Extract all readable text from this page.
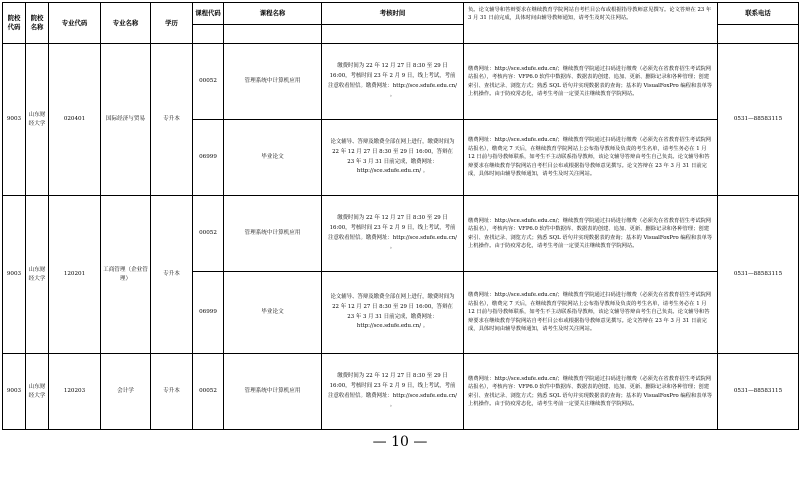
院校代码	院校名称	专业代码	专业名称	学历	课程代码	课程名称	考核时间	负。论文辅导和答辩要求在继续教育学院网站自考栏目公布或根据指导教师意见撰写。论文答辩在 23 年 3 月 31 日前完成，具体时间由辅导教师通知，请考生及时关注网站。	联系电话

9003	山东财经大学	020401	国际经济与贸易	专升本	00052	管理系统中计算机应用	缴费时间为 22 年 12 月 27 日 8:30 至 29 日 16:00，考核时间 23 年 2 月 9 日，线上考试，考前注意收看短信。缴费网址：http://sce.sdufe.edu.cn/ 。	缴费网址：http://sce.sdufe.edu.cn/；继续教育学院通过扫码进行缴费（必须先在省教育招生考试院网站报名），考核内容：VFP6.0 软件中数据库、数据表的创建、追加、更新、删除记录和各种管理；创建索引、查找记录、浏览方式；熟悉 SQL 语句并实现数据表的查询；基本的 VisualFoxPro 编程和表单等上机操作。由于防疫常态化，请考生考前一定要关注继续教育学院网站。	0531—88583115
					06999	毕业论文	论文辅导、答辩及缴费全部在网上进行，缴费时间为 22 年 12 月 27 日 8:30 至 29 日 16:00，答辩在 23 年 3 月 31 日前完成，缴费网址：http://sce.sdufe.edu.cn/ 。	缴费网址：http://sce.sdufe.edu.cn/；继续教育学院通过扫码进行缴费（必须先在省教育招生考试院网站报名），缴费完 7 天后，在继续教育学院网站上公布指导教师及负责的考生名单，请考生务必在 1 月 12 日前与指导教师联系，如考生不主动联系指导教师，该论文辅导答辩由考生自己负责。论文辅导和答辩要求在继续教育学院网站自考栏目公布或根据指导教师意见撰写。论文答辩在 23 年 3 月 31 日前完成，具体时间由辅导教师通知，请考生及时关注网站。	
9003	山东财经大学	120201	工商管理（企业管理）	专升本	00052	管理系统中计算机应用	缴费时间为 22 年 12 月 27 日 8:30 至 29 日 16:00，考核时间 23 年 2 月 9 日，线上考试，考前注意收看短信。缴费网址：http://sce.sdufe.edu.cn/ 。	缴费网址：http://sce.sdufe.edu.cn/；继续教育学院通过扫码进行缴费（必须先在省教育招生考试院网站报名），考核内容：VFP6.0 软件中数据库、数据表的创建、追加、更新、删除记录和各种管理；创建索引、查找记录、浏览方式；熟悉 SQL 语句并实现数据表的查询；基本的 VisualFoxPro 编程和表单等上机操作。由于防疫常态化，请考生考前一定要关注继续教育学院网站。	0531—88583115
					06999	毕业论文	论文辅导、答辩及缴费全部在网上进行，缴费时间为 22 年 12 月 27 日 8:30 至 29 日 16:00，答辩在 23 年 3 月 31 日前完成，缴费网址：http://sce.sdufe.edu.cn/ 。	缴费网址：http://sce.sdufe.edu.cn/；继续教育学院通过扫码进行缴费（必须先在省教育招生考试院网站报名），缴费完 7 天后，在继续教育学院网站上公布指导教师及负责的考生名单，请考生务必在 1 月 12 日前与指导教师联系，如考生不主动联系指导教师，该论文辅导答辩由考生自己负责。论文辅导和答辩要求在继续教育学院网站自考栏目公布或根据指导教师意见撰写。论文答辩在 23 年 3 月 31 日前完成，具体时间由辅导教师通知，请考生及时关注网站。	
9003	山东财经大学	120203	会计学	专升本	00052	管理系统中计算机应用	缴费时间为 22 年 12 月 27 日 8:30 至 29 日 16:00，考核时间 23 年 2 月 9 日，线上考试，考前注意收看短信。缴费网址：http://sce.sdufe.edu.cn/ 。	缴费网址：http://sce.sdufe.edu.cn/；继续教育学院通过扫码进行缴费（必须先在省教育招生考试院网站报名），考核内容：VFP6.0 软件中数据库、数据表的创建、追加、更新、删除记录和各种管理；创建索引、查找记录、浏览方式；熟悉 SQL 语句并实现数据表的查询；基本的 VisualFoxPro 编程和表单等上机操作。由于防疫常态化，请考生考前一定要关注继续教育学院网站。	0531—88583115
— 10 —
